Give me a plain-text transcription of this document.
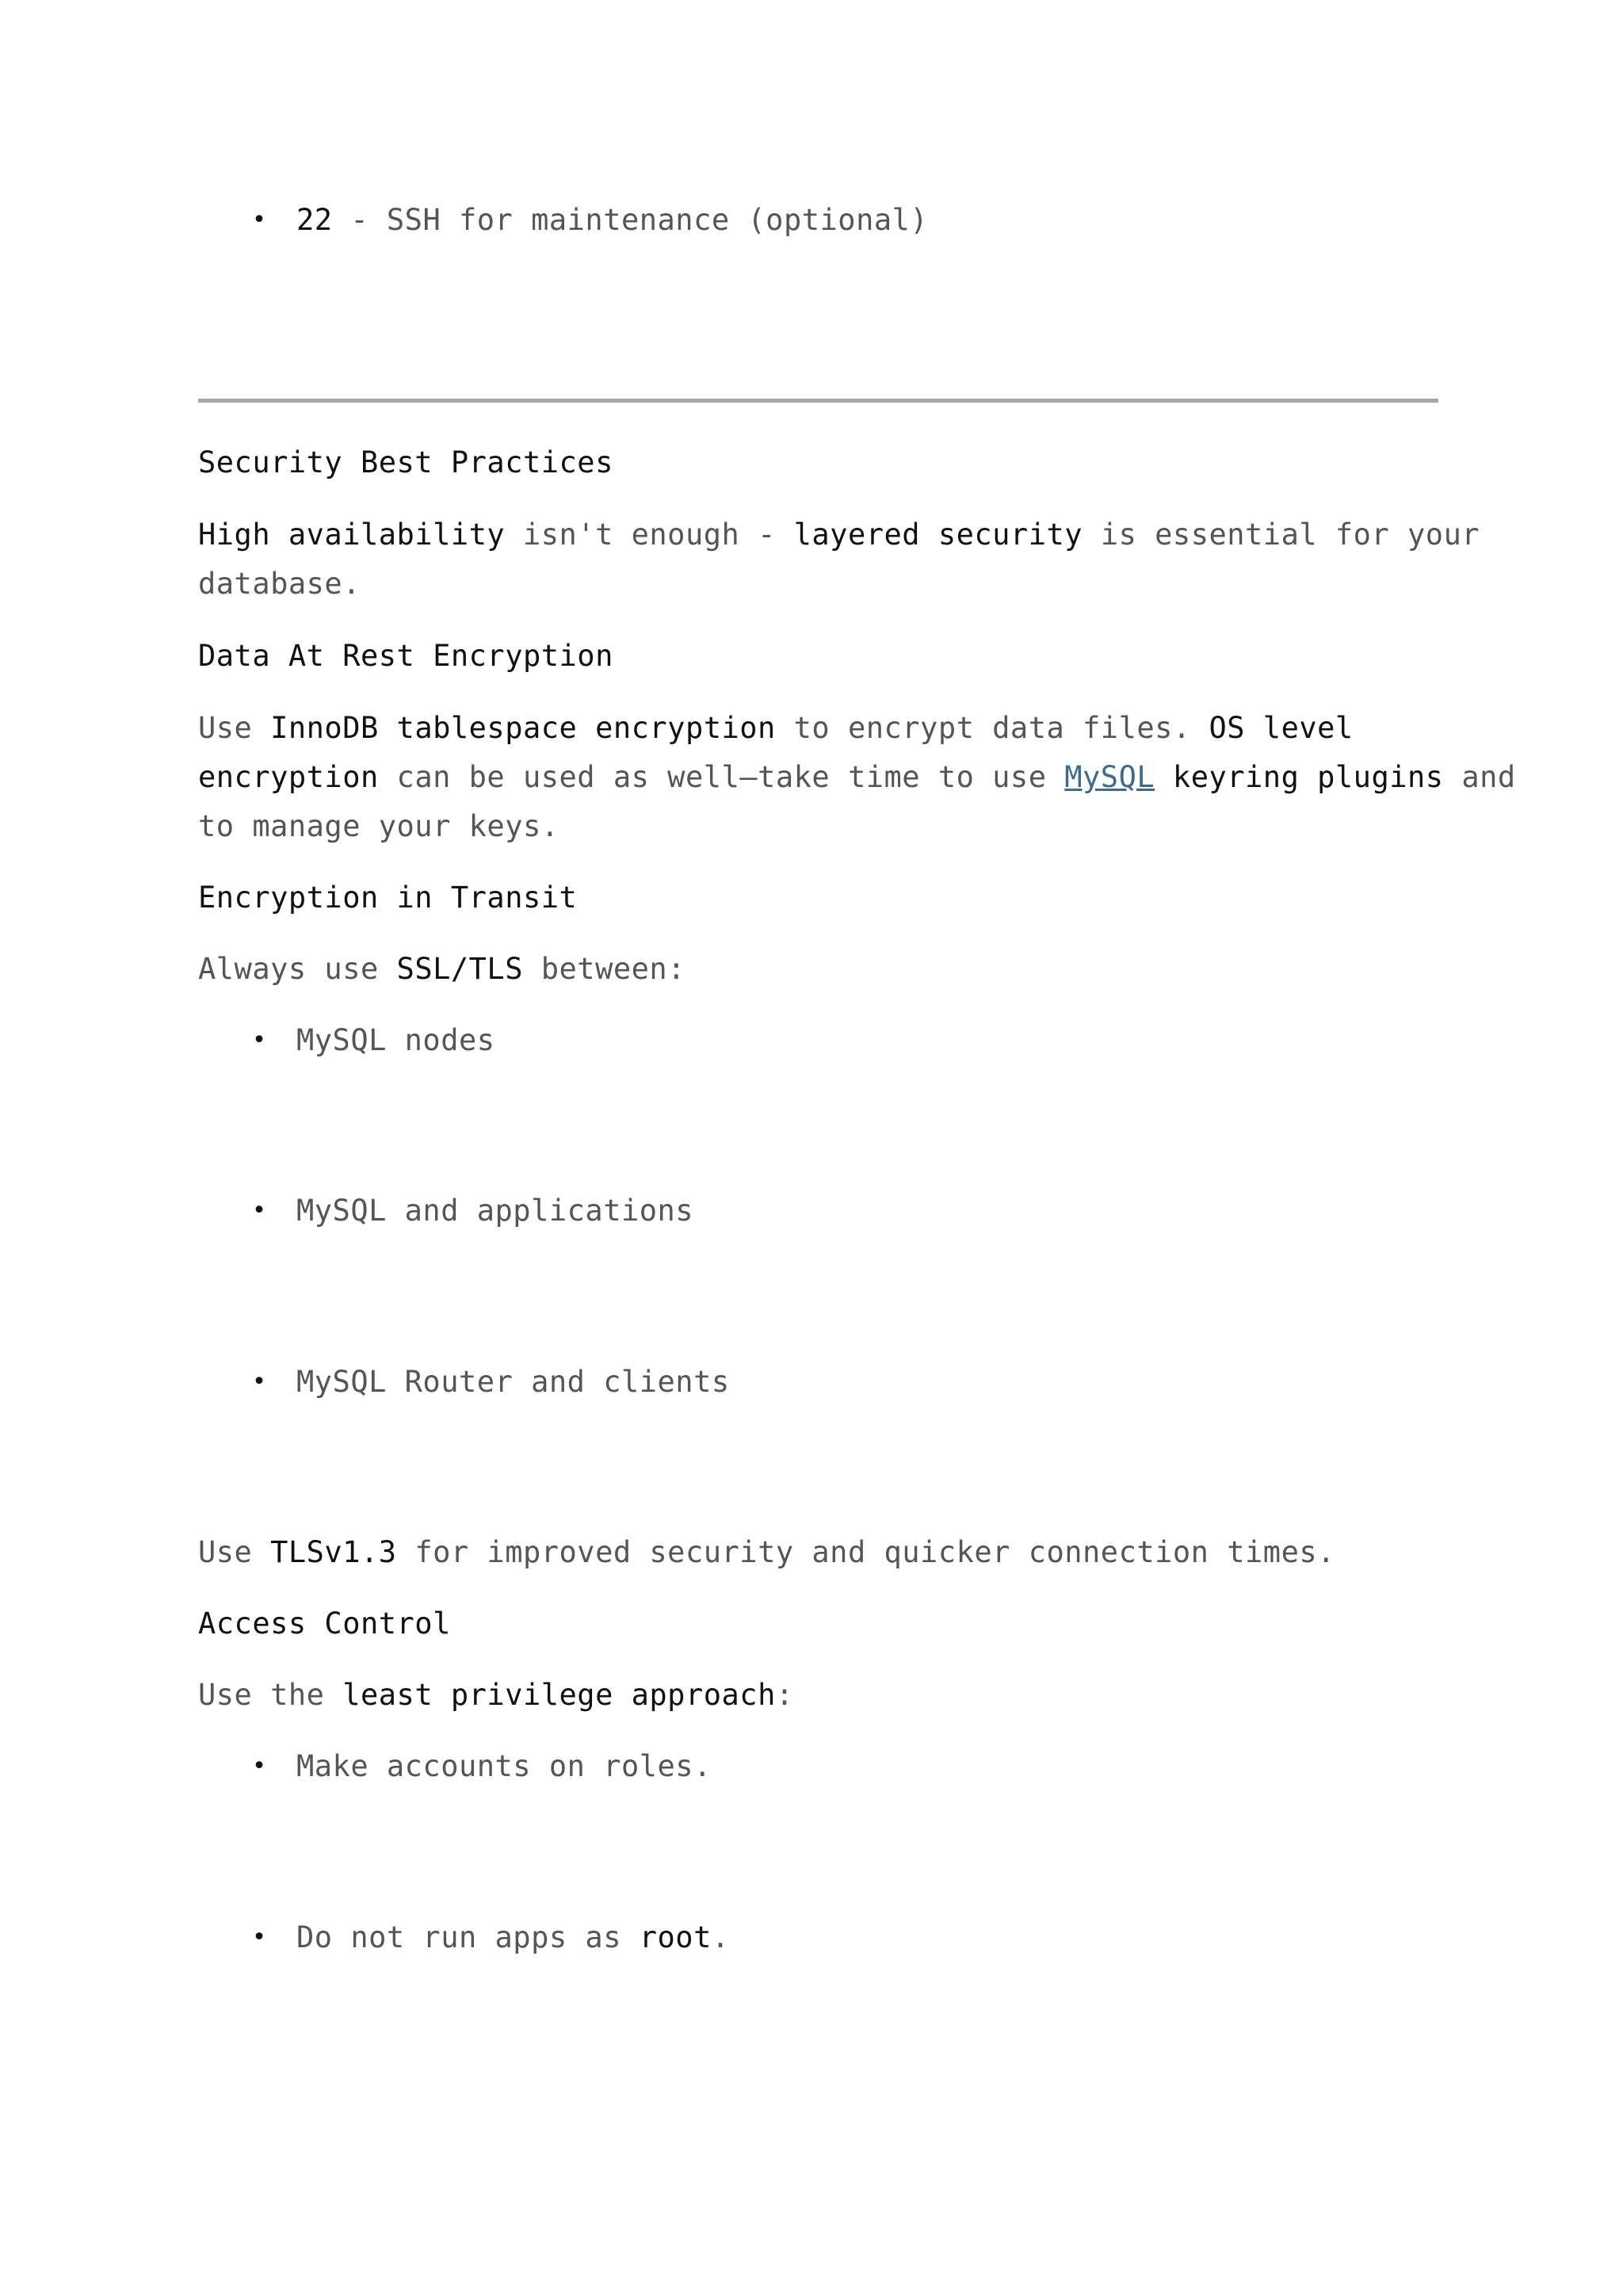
• 22 - SSH for maintenance (optional)
Security Best Practices
High availability isn't enough - layered security is essential for your
database.
Data At Rest Encryption
Use InnoDB tablespace encryption to encrypt data files. OS level
encryption can be used as well—take time to use MySQL keyring plugins and
to manage your keys.
Encryption in Transit
Always use SSL/TLS between:
• MySQL nodes
• MySQL and applications
• MySQL Router and clients
Use TLSv1.3 for improved security and quicker connection times.
Access Control
Use the least privilege approach:
• Make accounts on roles.
• Do not run apps as root.
